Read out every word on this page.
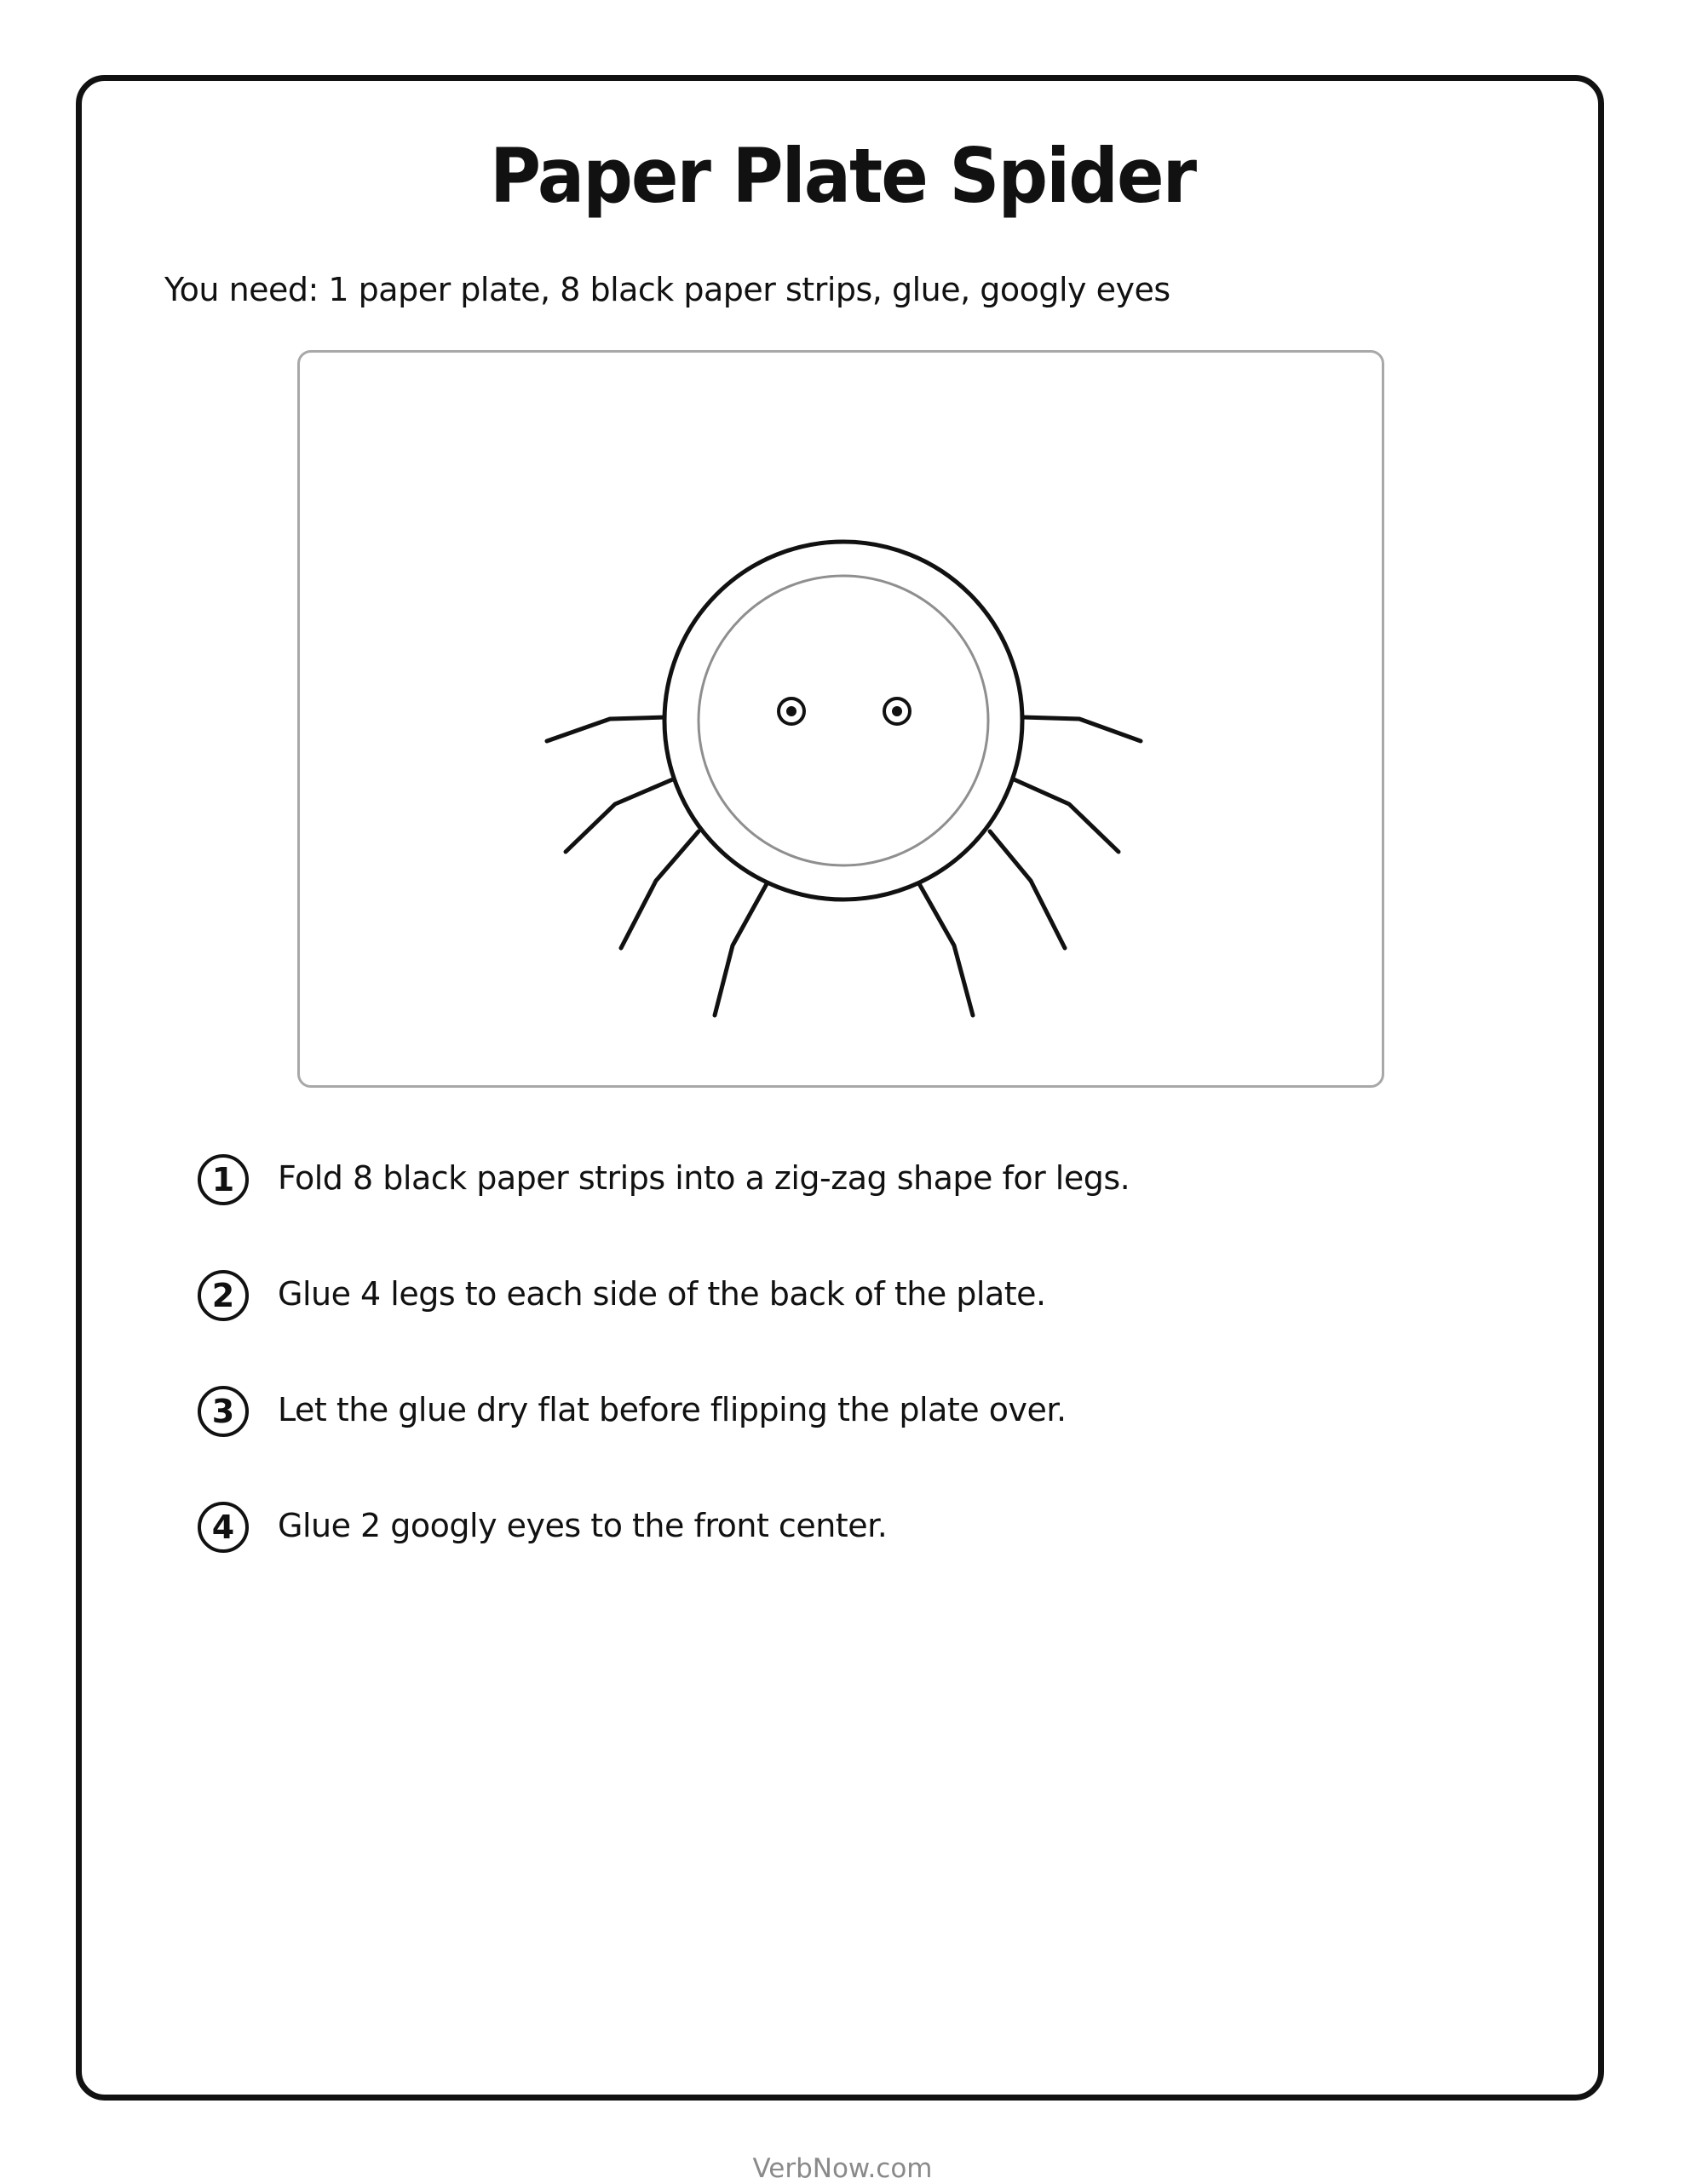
Paper Plate Spider
You need: 1 paper plate, 8 black paper strips, glue, googly eyes
1	Fold 8 black paper strips into a zig-zag shape for legs.
2	Glue 4 legs to each side of the back of the plate.
3	Let the glue dry flat before flipping the plate over.
4	Glue 2 googly eyes to the front center.
VerbNow.com
